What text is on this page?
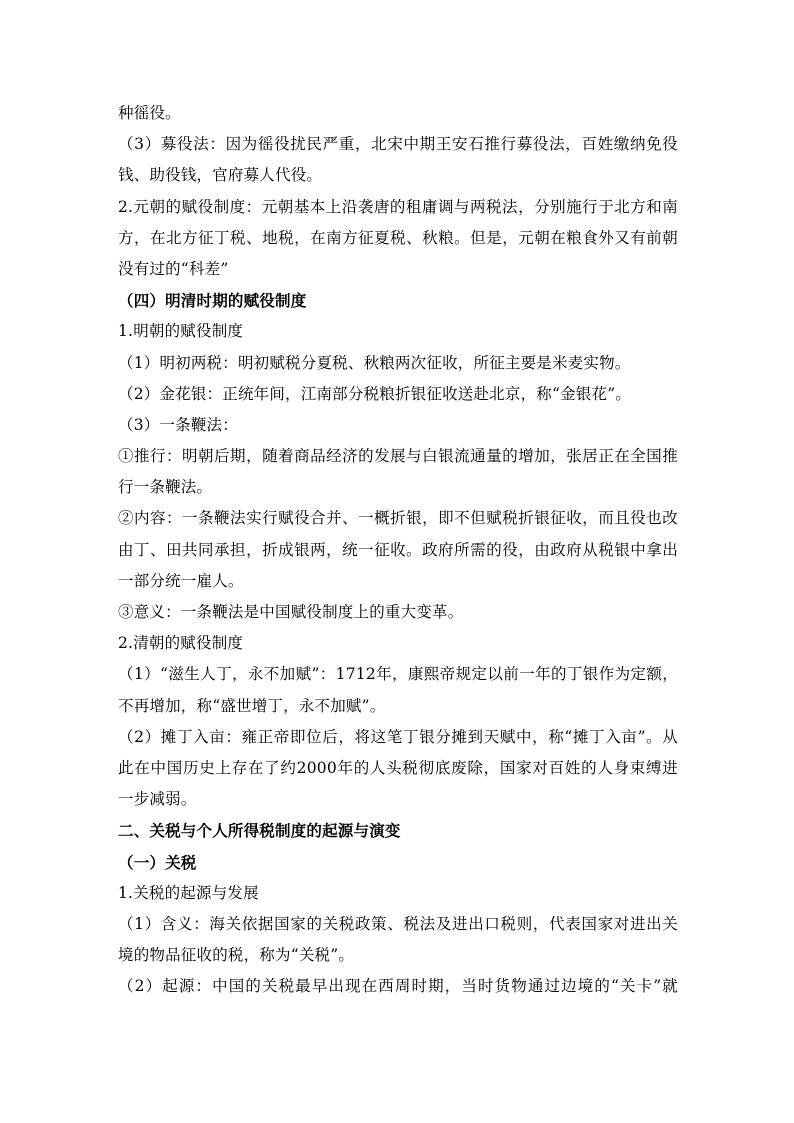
种徭役。
（3）募役法：因为徭役扰民严重，北宋中期王安石推行募役法，百姓缴纳免役
钱、助役钱，官府募人代役。
2.元朝的赋役制度：元朝基本上沿袭唐的租庸调与两税法，分别施行于北方和南
方，在北方征丁税、地税，在南方征夏税、秋粮。但是，元朝在粮食外又有前朝
没有过的“科差”
（四）明清时期的赋役制度
1.明朝的赋役制度
（1）明初两税：明初赋税分夏税、秋粮两次征收，所征主要是米麦实物。
（2）金花银：正统年间，江南部分税粮折银征收送赴北京，称“金银花”。
（3）一条鞭法：
①推行：明朝后期，随着商品经济的发展与白银流通量的增加，张居正在全国推
行一条鞭法。
②内容：一条鞭法实行赋役合并、一概折银，即不但赋税折银征收，而且役也改
由丁、田共同承担，折成银两，统一征收。政府所需的役，由政府从税银中拿出
一部分统一雇人。
③意义：一条鞭法是中国赋役制度上的重大变革。
2.清朝的赋役制度
（1）“滋生人丁，永不加赋”：1712年，康熙帝规定以前一年的丁银作为定额，
不再增加，称“盛世增丁，永不加赋”。
（2）摊丁入亩：雍正帝即位后，将这笔丁银分摊到天赋中，称“摊丁入亩”。从
此在中国历史上存在了约2000年的人头税彻底废除，国家对百姓的人身束缚进
一步减弱。
二、关税与个人所得税制度的起源与演变
（一）关税
1.关税的起源与发展
（1）含义：海关依据国家的关税政策、税法及进出口税则，代表国家对进出关
境的物品征收的税，称为“关税”。
（2）起源：中国的关税最早出现在西周时期，当时货物通过边境的“关卡”就
